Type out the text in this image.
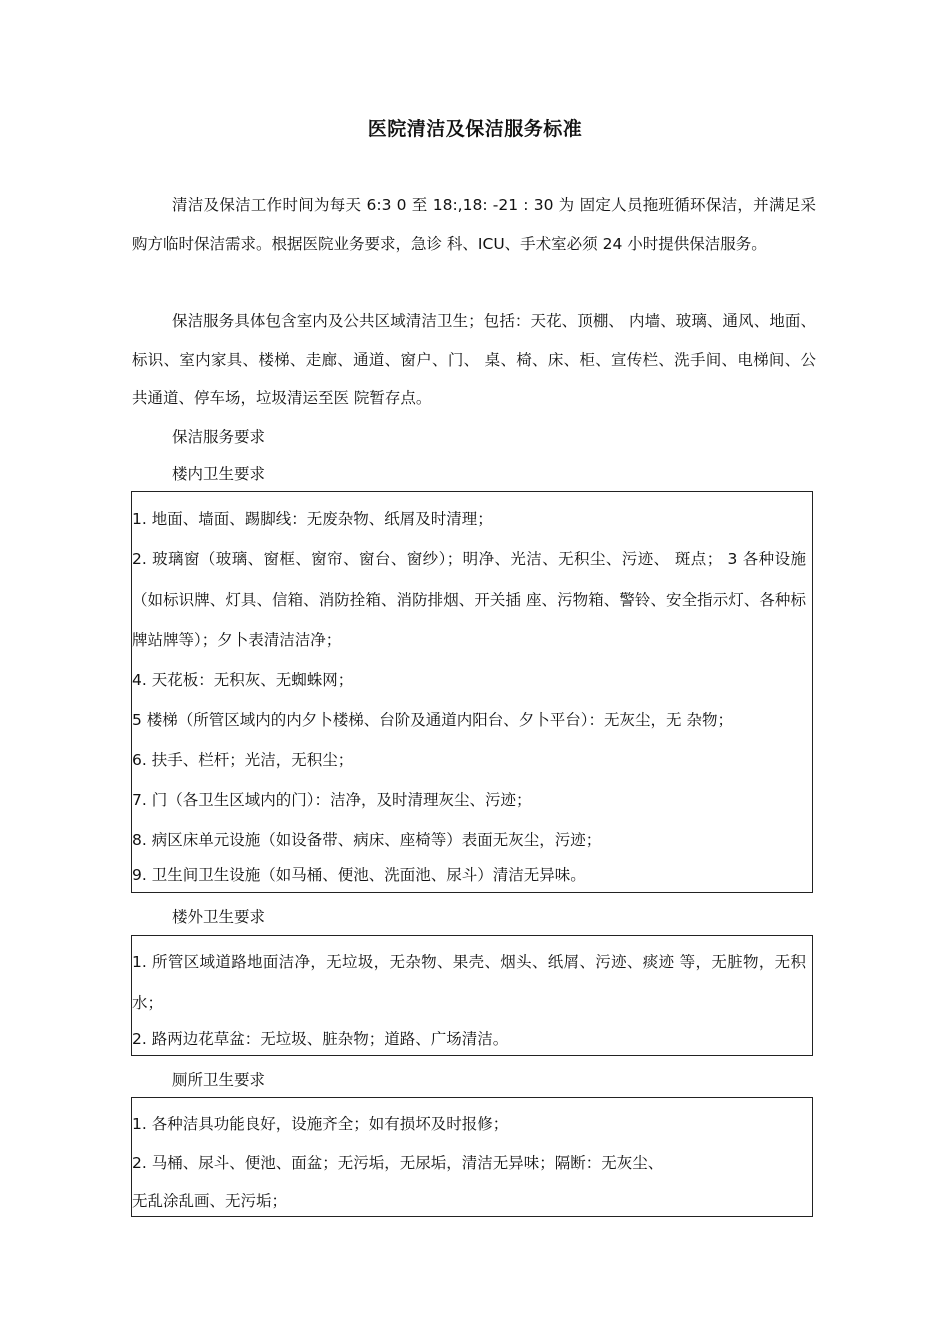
医院清洁及保洁服务标准

清洁及保洁工作时间为每天 6:3 0 至 18:,18: -21 : 30 为 固定人员拖班循环保洁，并满足采购方临时保洁需求。根据医院业务要求，急诊 科、ICU、手术室必须 24 小时提供保洁服务。

保洁服务具体包含室内及公共区域清洁卫生；包括：天花、顶棚、 内墙、玻璃、通风、地面、标识、室内家具、楼梯、走廊、通道、窗户、门、 桌、椅、床、柜、宣传栏、洗手间、电梯间、公共通道、停车场，垃圾清运至医 院暂存点。

保洁服务要求
楼内卫生要求
1. 地面、墙面、踢脚线：无废杂物、纸屑及时清理；
2. 玻璃窗（玻璃、窗框、窗帘、窗台、窗纱）；明净、光洁、无积尘、污迹、 斑点； 3 各种设施（如标识牌、灯具、信箱、消防拴箱、消防排烟、开关插 座、污物箱、警铃、安全指示灯、各种标牌站牌等）；夕卜表清洁洁净；
4. 天花板：无积灰、无蜘蛛网；
5 楼梯（所管区域内的内夕卜楼梯、台阶及通道内阳台、夕卜平台）：无灰尘，无 杂物；
6. 扶手、栏杆；光洁，无积尘；
7. 门（各卫生区域内的门）：洁净，及时清理灰尘、污迹；
8. 病区床单元设施（如设备带、病床、座椅等）表面无灰尘，污迹；
9. 卫生间卫生设施（如马桶、便池、洗面池、尿斗）清洁无异味。
楼外卫生要求
1. 所管区域道路地面洁净，无垃圾，无杂物、果壳、烟头、纸屑、污迹、痰迹 等，无脏物，无积水；
2. 路两边花草盆：无垃圾、脏杂物；道路、广场清洁。
厕所卫生要求
1. 各种洁具功能良好，设施齐全；如有损坏及时报修；
2. 马桶、尿斗、便池、面盆；无污垢，无尿垢，清洁无异味；隔断：无灰尘、
无乱涂乱画、无污垢；
